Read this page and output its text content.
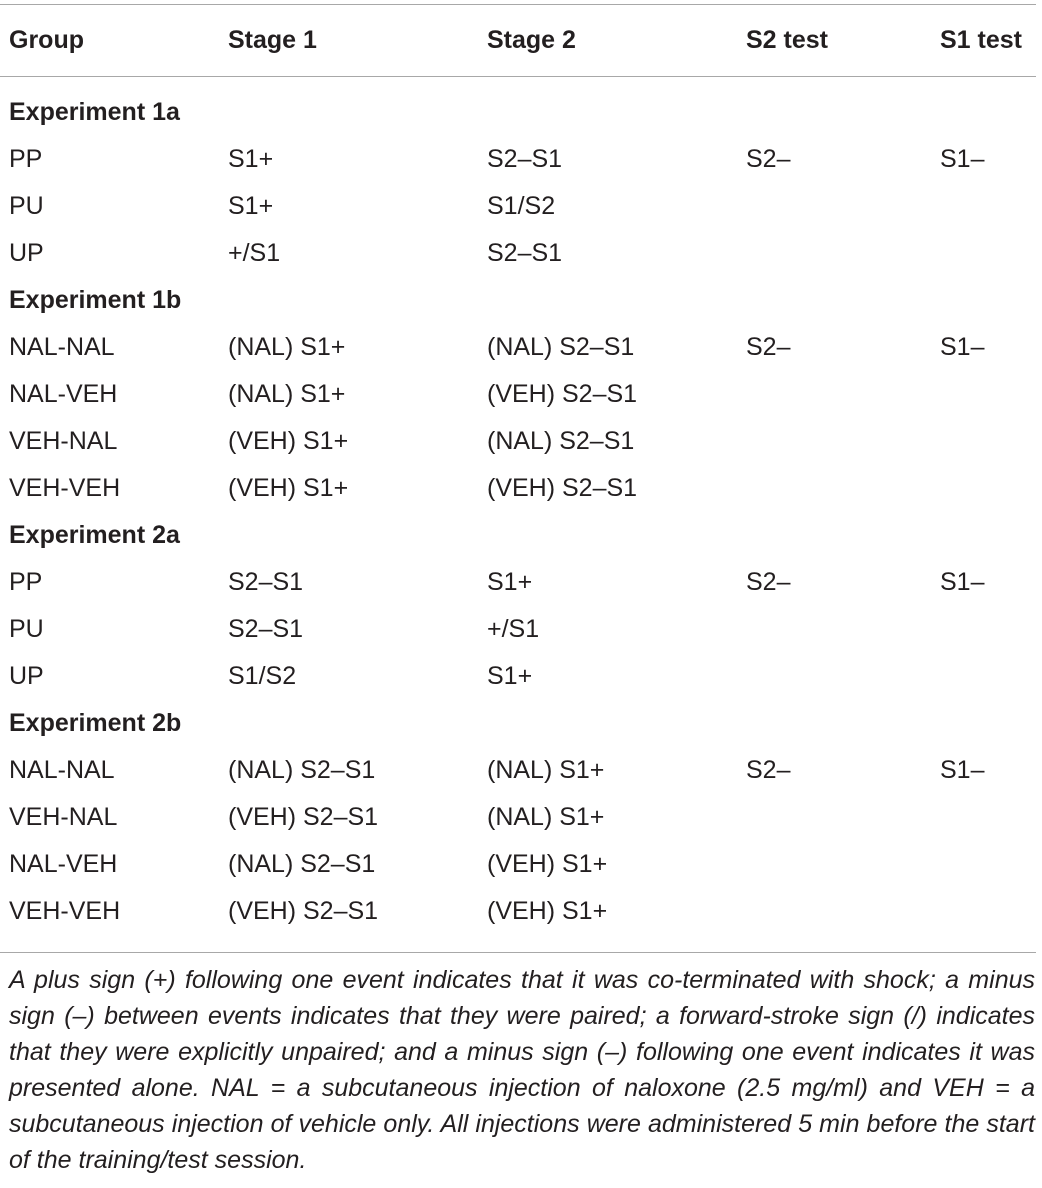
Group	Stage 1	Stage 2	S2 test	S1 test
Experiment 1a
PP	S1+	S2–S1	S2–	S1–
PU	S1+	S1/S2
UP	+/S1	S2–S1
Experiment 1b
NAL-NAL	(NAL) S1+	(NAL) S2–S1	S2–	S1–
NAL-VEH	(NAL) S1+	(VEH) S2–S1
VEH-NAL	(VEH) S1+	(NAL) S2–S1
VEH-VEH	(VEH) S1+	(VEH) S2–S1
Experiment 2a
PP	S2–S1	S1+	S2–	S1–
PU	S2–S1	+/S1
UP	S1/S2	S1+
Experiment 2b
NAL-NAL	(NAL) S2–S1	(NAL) S1+	S2–	S1–
VEH-NAL	(VEH) S2–S1	(NAL) S1+
NAL-VEH	(NAL) S2–S1	(VEH) S1+
VEH-VEH	(VEH) S2–S1	(VEH) S1+
A plus sign (+) following one event indicates that it was co-terminated with shock; a minus sign (–) between events indicates that they were paired; a forward-stroke sign (/) indicates that they were explicitly unpaired; and a minus sign (–) following one event indicates it was presented alone. NAL = a subcutaneous injection of naloxone (2.5 mg/ml) and VEH = a subcutaneous injection of vehicle only. All injections were administered 5 min before the start of the training/test session.
